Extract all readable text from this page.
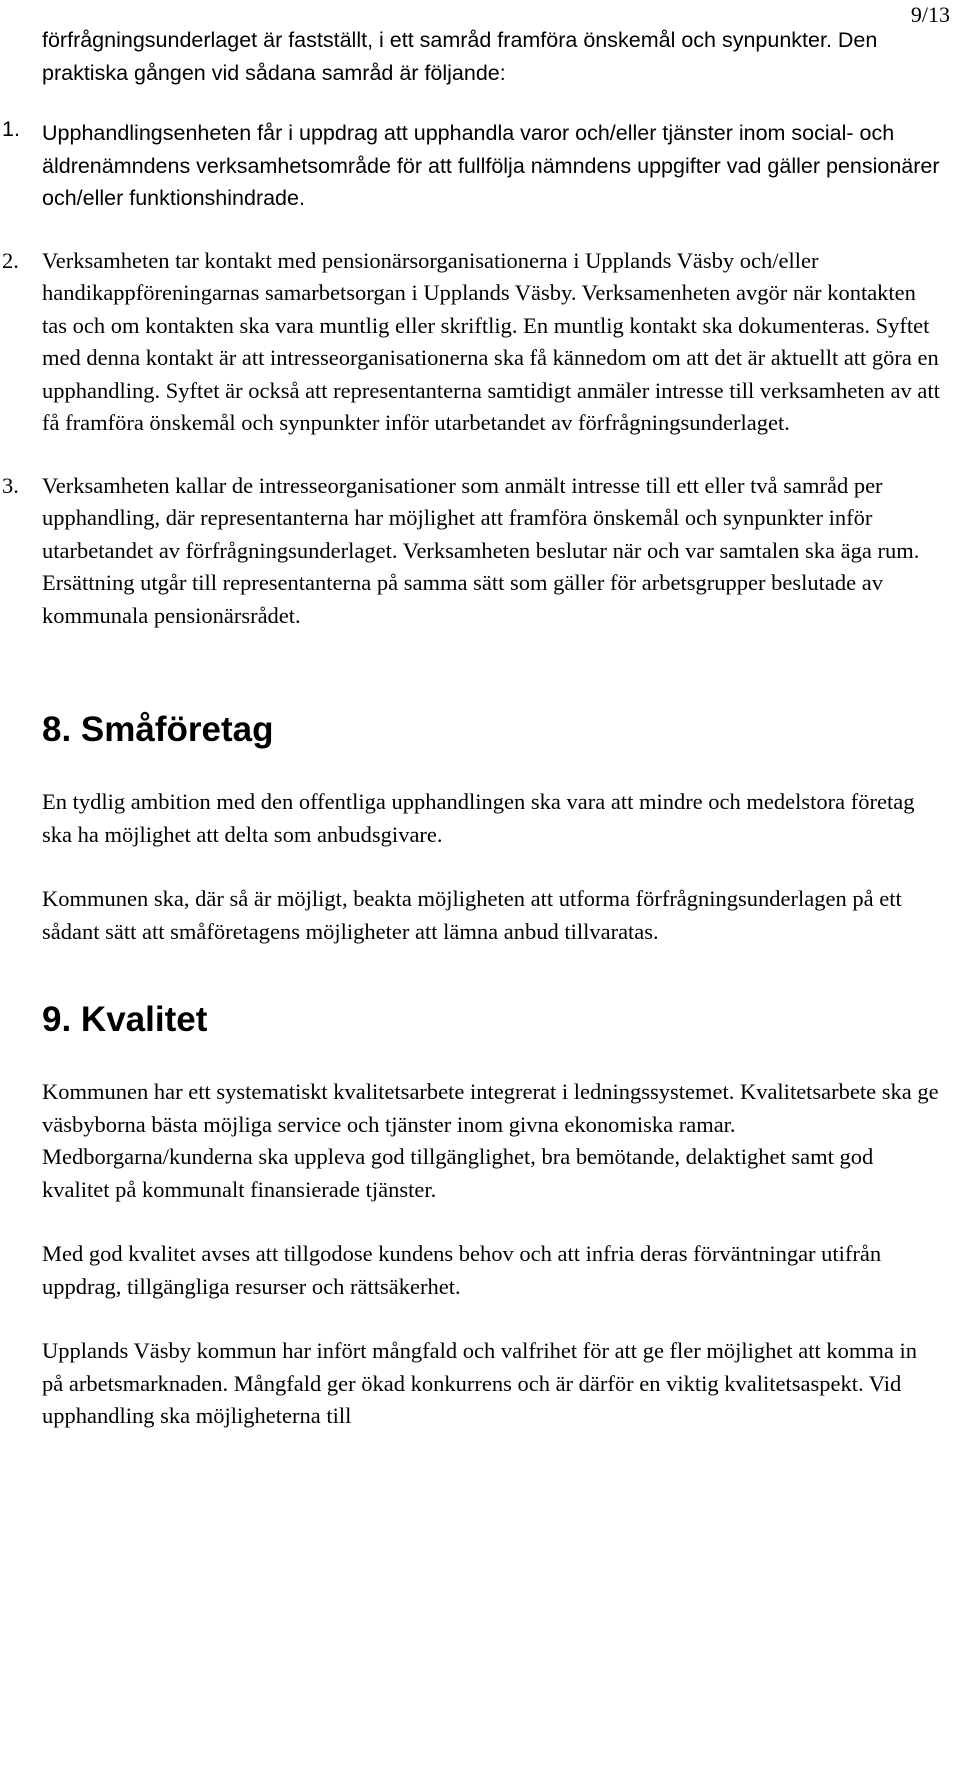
9/13

förfrågningsunderlaget är fastställt, i ett samråd framföra önskemål och synpunkter. Den praktiska gången vid sådana samråd är följande:

1. Upphandlingsenheten får i uppdrag att upphandla varor och/eller tjänster inom social- och äldrenämndens verksamhetsområde för att fullfölja nämndens uppgifter vad gäller pensionärer och/eller funktionshindrade.

2. Verksamheten tar kontakt med pensionärsorganisationerna i Upplands Väsby och/eller handikappföreningarnas samarbetsorgan i Upplands Väsby. Verksamenheten avgör när kontakten tas och om kontakten ska vara muntlig eller skriftlig. En muntlig kontakt ska dokumenteras. Syftet med denna kontakt är att intresseorganisationerna ska få kännedom om att det är aktuellt att göra en upphandling. Syftet är också att representanterna samtidigt anmäler intresse till verksamheten av att få framföra önskemål och synpunkter inför utarbetandet av förfrågningsunderlaget.

3. Verksamheten kallar de intresseorganisationer som anmält intresse till ett eller två samråd per upphandling, där representanterna har möjlighet att framföra önskemål och synpunkter inför utarbetandet av förfrågningsunderlaget. Verksamheten beslutar när och var samtalen ska äga rum. Ersättning utgår till representanterna på samma sätt som gäller för arbetsgrupper beslutade av kommunala pensionärsrådet.

8. Småföretag

En tydlig ambition med den offentliga upphandlingen ska vara att mindre och medelstora företag ska ha möjlighet att delta som anbudsgivare.

Kommunen ska, där så är möjligt, beakta möjligheten att utforma förfrågningsunderlagen på ett sådant sätt att småföretagens möjligheter att lämna anbud tillvaratas.

9. Kvalitet

Kommunen har ett systematiskt kvalitetsarbete integrerat i ledningssystemet. Kvalitetsarbete ska ge väsbyborna bästa möjliga service och tjänster inom givna ekonomiska ramar. Medborgarna/kunderna ska uppleva god tillgänglighet, bra bemötande, delaktighet samt god kvalitet på kommunalt finansierade tjänster.

Med god kvalitet avses att tillgodose kundens behov och att infria deras förväntningar utifrån uppdrag, tillgängliga resurser och rättsäkerhet.

Upplands Väsby kommun har infört mångfald och valfrihet för att ge fler möjlighet att komma in på arbetsmarknaden. Mångfald ger ökad konkurrens och är därför en viktig kvalitetsaspekt. Vid upphandling ska möjligheterna till
